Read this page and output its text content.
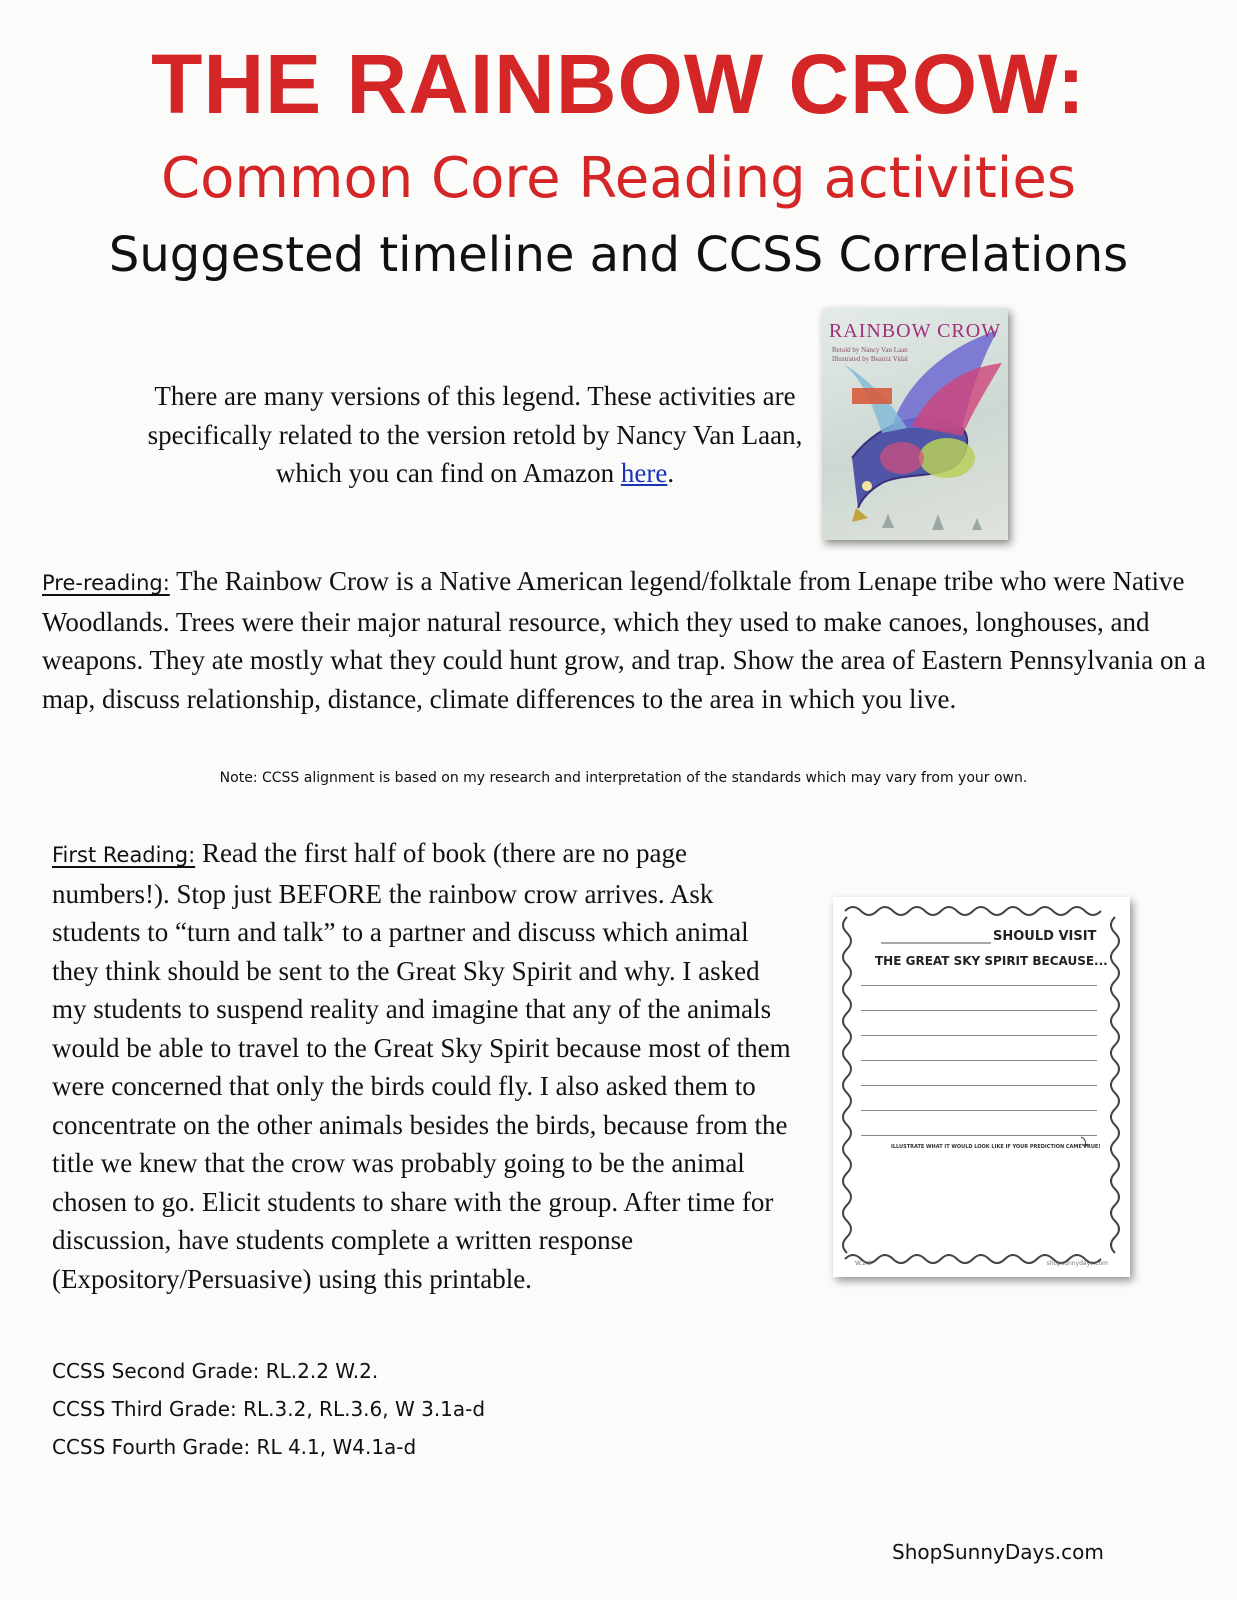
THE RAINBOW CROW:
Common Core Reading activities
Suggested timeline and CCSS Correlations
There are many versions of this legend. These activities are specifically related to the version retold by Nancy Van Laan, which you can find on Amazon here.
RAINBOW CROW
Retold by Nancy Van Laan
Illustrated by Beatriz Vidal
Pre-reading: The Rainbow Crow is a Native American legend/folktale from Lenape tribe who were Native Woodlands. Trees were their major natural resource, which they used to make canoes, longhouses, and weapons. They ate mostly what they could hunt grow, and trap. Show the area of Eastern Pennsylvania on a map, discuss relationship, distance, climate differences to the area in which you live.
Note: CCSS alignment is based on my research and interpretation of the standards which may vary from your own.
First Reading: Read the first half of book (there are no page numbers!). Stop just BEFORE the rainbow crow arrives. Ask students to “turn and talk” to a partner and discuss which animal they think should be sent to the Great Sky Spirit and why. I asked my students to suspend reality and imagine that any of the animals would be able to travel to the Great Sky Spirit because most of them were concerned that only the birds could fly. I also asked them to concentrate on the other animals besides the birds, because from the title we knew that the crow was probably going to be the animal chosen to go. Elicit students to share with the group. After time for discussion, have students complete a written response (Expository/Persuasive) using this printable.
CCSS Second Grade: RL.2.2 W.2.
CCSS Third Grade: RL.3.2, RL.3.6, W 3.1a-d
CCSS Fourth Grade: RL 4.1, W4.1a-d
SHOULD VISIT
THE GREAT SKY SPIRIT BECAUSE...
ILLUSTRATE WHAT IT WOULD LOOK LIKE IF YOUR PREDICTION CAME TRUE!
W.2.2	shopsunnydays.com
ShopSunnyDays.com
